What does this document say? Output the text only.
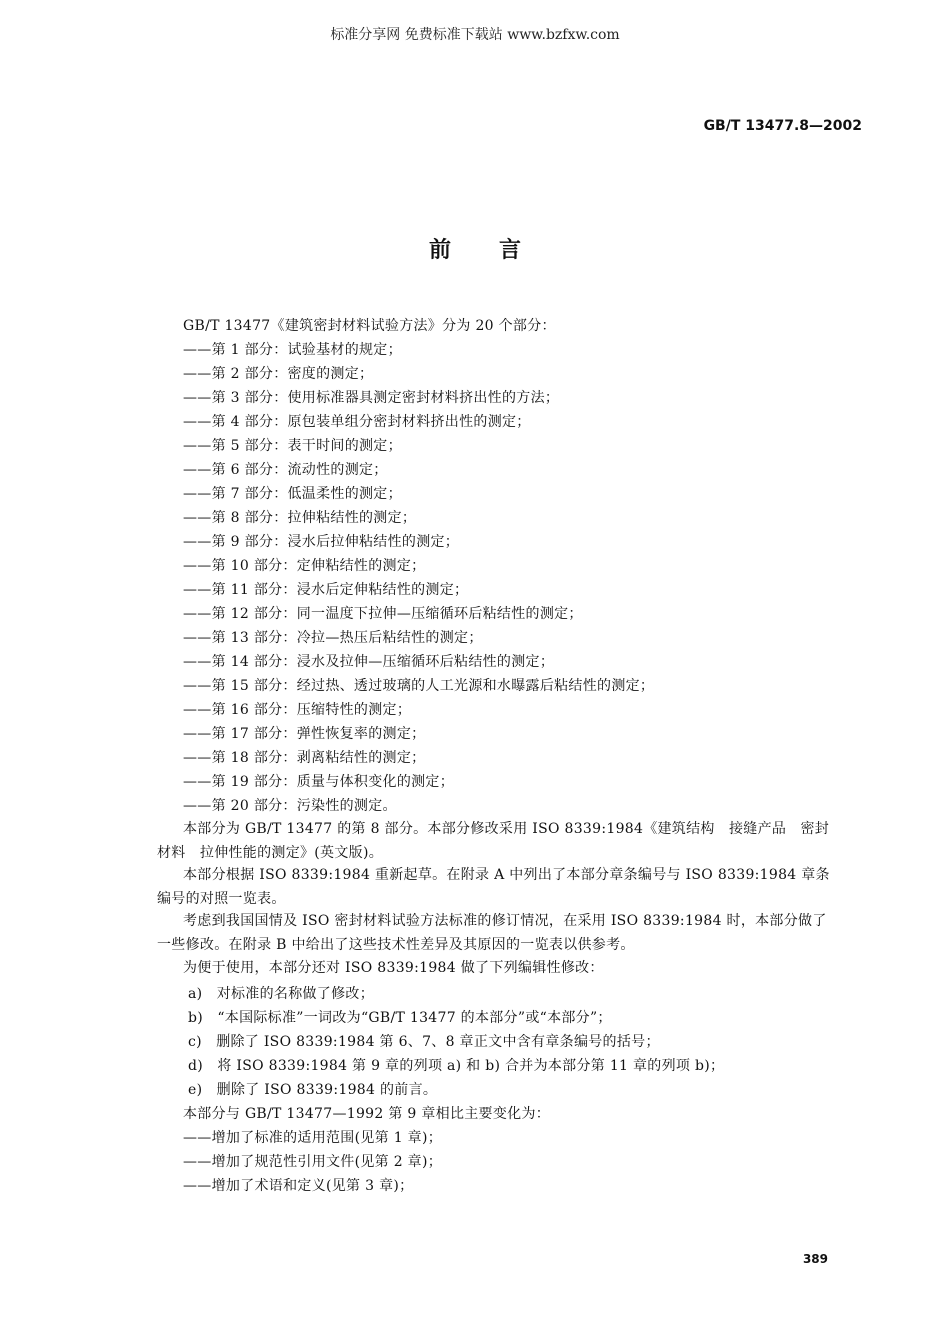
标准分享网 免费标准下载站 www.bzfxw.com
GB/T 13477.8—2002
前言
GB/T 13477《建筑密封材料试验方法》分为 20 个部分：
——第 1 部分：试验基材的规定；
——第 2 部分：密度的测定；
——第 3 部分：使用标准器具测定密封材料挤出性的方法；
——第 4 部分：原包装单组分密封材料挤出性的测定；
——第 5 部分：表干时间的测定；
——第 6 部分：流动性的测定；
——第 7 部分：低温柔性的测定；
——第 8 部分：拉伸粘结性的测定；
——第 9 部分：浸水后拉伸粘结性的测定；
——第 10 部分：定伸粘结性的测定；
——第 11 部分：浸水后定伸粘结性的测定；
——第 12 部分：同一温度下拉伸—压缩循环后粘结性的测定；
——第 13 部分：冷拉—热压后粘结性的测定；
——第 14 部分：浸水及拉伸—压缩循环后粘结性的测定；
——第 15 部分：经过热、透过玻璃的人工光源和水曝露后粘结性的测定；
——第 16 部分：压缩特性的测定；
——第 17 部分：弹性恢复率的测定；
——第 18 部分：剥离粘结性的测定；
——第 19 部分：质量与体积变化的测定；
——第 20 部分：污染性的测定。
本部分为 GB/T 13477 的第 8 部分。本部分修改采用 ISO 8339:1984《建筑结构　接缝产品　密封
材料　拉伸性能的测定》(英文版)。
本部分根据 ISO 8339:1984 重新起草。在附录 A 中列出了本部分章条编号与 ISO 8339:1984 章条
编号的对照一览表。
考虑到我国国情及 ISO 密封材料试验方法标准的修订情况，在采用 ISO 8339:1984 时，本部分做了
一些修改。在附录 B 中给出了这些技术性差异及其原因的一览表以供参考。
为便于使用，本部分还对 ISO 8339:1984 做了下列编辑性修改：
a)　对标准的名称做了修改；
b)　“本国际标准”一词改为“GB/T 13477 的本部分”或“本部分”；
c)　删除了 ISO 8339:1984 第 6、7、8 章正文中含有章条编号的括号；
d)　将 ISO 8339:1984 第 9 章的列项 a) 和 b) 合并为本部分第 11 章的列项 b)；
e)　删除了 ISO 8339:1984 的前言。
本部分与 GB/T 13477—1992 第 9 章相比主要变化为：
——增加了标准的适用范围(见第 1 章)；
——增加了规范性引用文件(见第 2 章)；
——增加了术语和定义(见第 3 章)；
389
